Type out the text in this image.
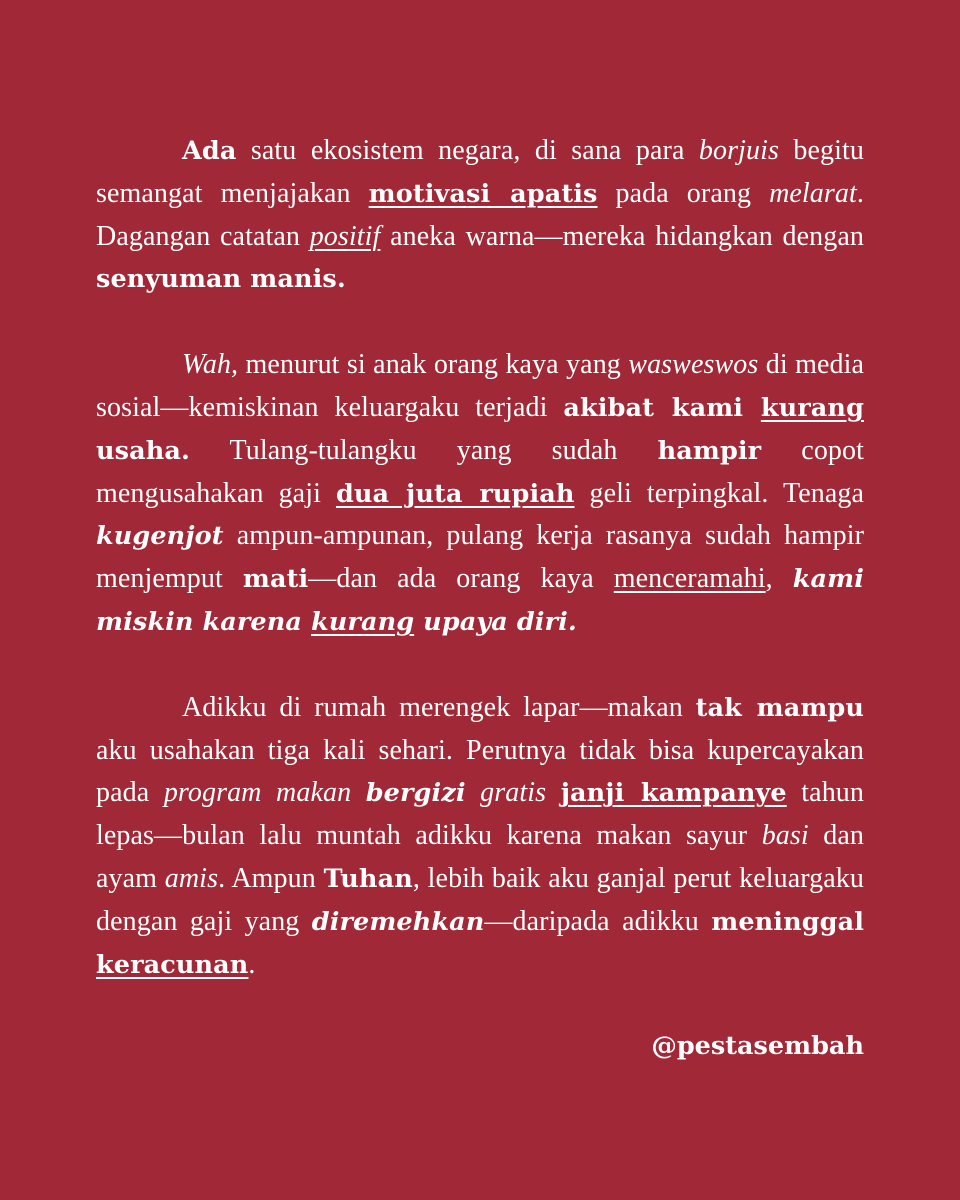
Ada satu ekosistem negara, di sana para borjuis begitu semangat menjajakan motivasi apatis pada orang melarat. Dagangan catatan positif aneka warna—mereka hidangkan dengan senyuman manis.

Wah, menurut si anak orang kaya yang wasweswos di media sosial—kemiskinan keluargaku terjadi akibat kami kurang usaha. Tulang-tulangku yang sudah hampir copot mengusahakan gaji dua juta rupiah geli terpingkal. Tenaga kugenjot ampun-ampunan, pulang kerja rasanya sudah hampir menjemput mati—dan ada orang kaya menceramahi, kami miskin karena kurang upaya diri.

Adikku di rumah merengek lapar—makan tak mampu aku usahakan tiga kali sehari. Perutnya tidak bisa kupercayakan pada program makan bergizi gratis janji kampanye tahun lepas—bulan lalu muntah adikku karena makan sayur basi dan ayam amis. Ampun Tuhan, lebih baik aku ganjal perut keluargaku dengan gaji yang diremehkan—daripada adikku meninggal keracunan.

@pestasembah
